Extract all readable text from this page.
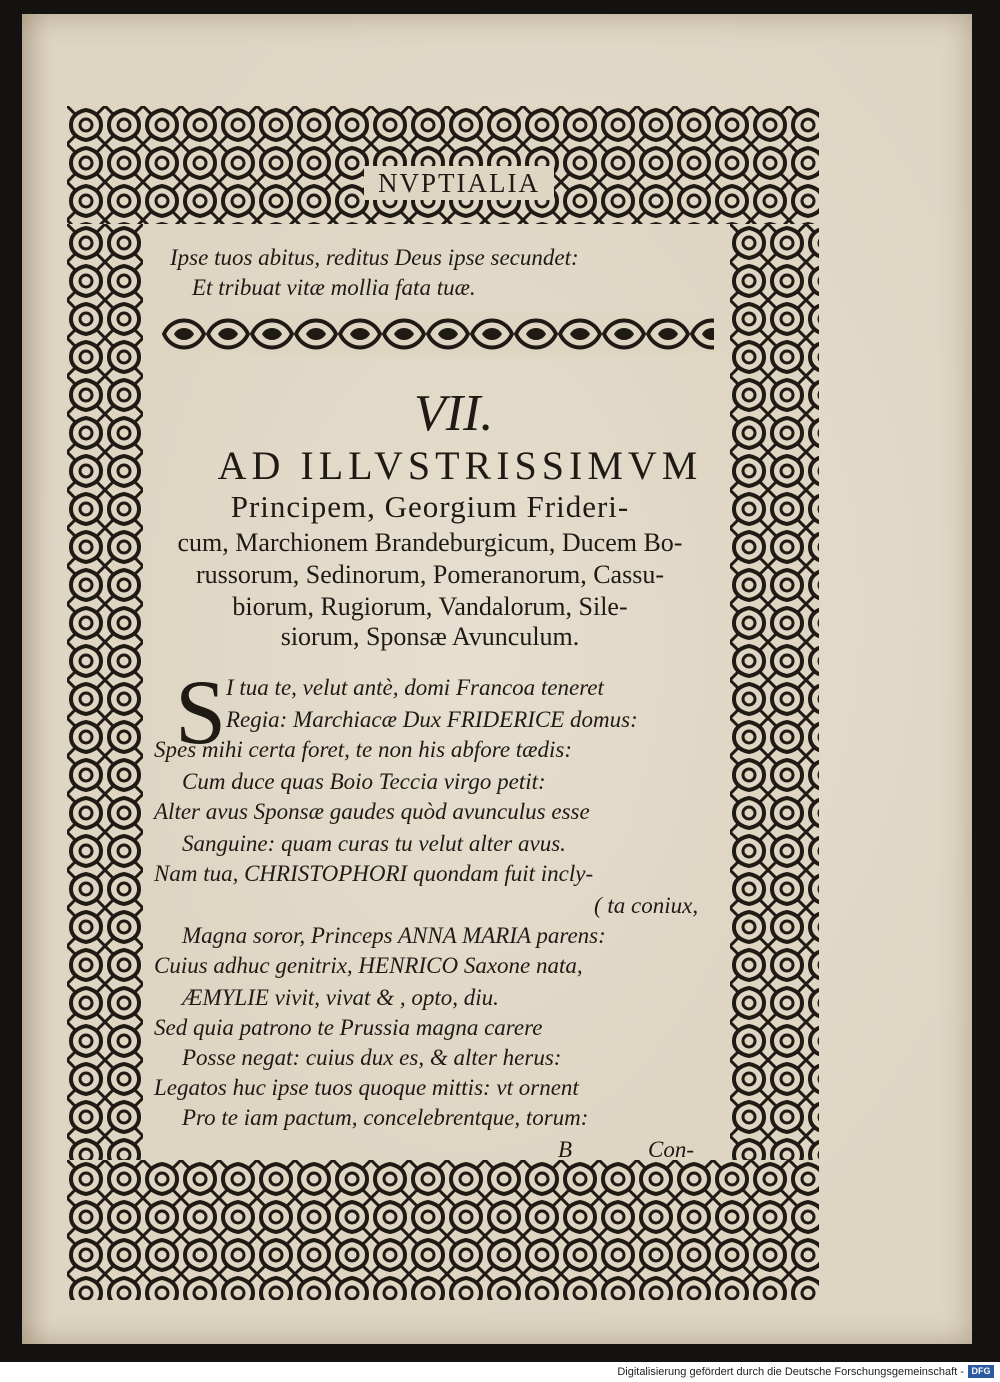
NVPTIALIA
Ipse tuos abitus, reditus Deus ipse secundet:
Et tribuat vitæ mollia fata tuæ.
VII.
AD ILLVSTRISSIMVM
Principem, Georgium Frideri-
cum, Marchionem Brandeburgicum, Ducem Bo-
russorum, Sedinorum, Pomeranorum, Cassu-
biorum, Rugiorum, Vandalorum, Sile-
siorum, Sponsæ Avunculum.
S I tua te, velut antè, domi Francoa teneret
Regia: Marchiacæ Dux FRIDERICE domus:
Spes mihi certa foret, te non his abfore tædis:
Cum duce quas Boio Teccia virgo petit:
Alter avus Sponsæ gaudes quòd avunculus esse
Sanguine: quam curas tu velut alter avus.
Nam tua, CHRISTOPHORI quondam fuit incly-
( ta coniux,
Magna soror, Princeps ANNA MARIA parens:
Cuius adhuc genitrix, HENRICO Saxone nata,
ÆMYLIE vivit, vivat & , opto, diu.
Sed quia patrono te Prussia magna carere
Posse negat: cuius dux es, & alter herus:
Legatos huc ipse tuos quoque mittis: vt ornent
Pro te iam pactum, concelebrentque, torum:
B	Con-
Digitalisierung gefördert durch die Deutsche Forschungsgemeinschaft - DFG
